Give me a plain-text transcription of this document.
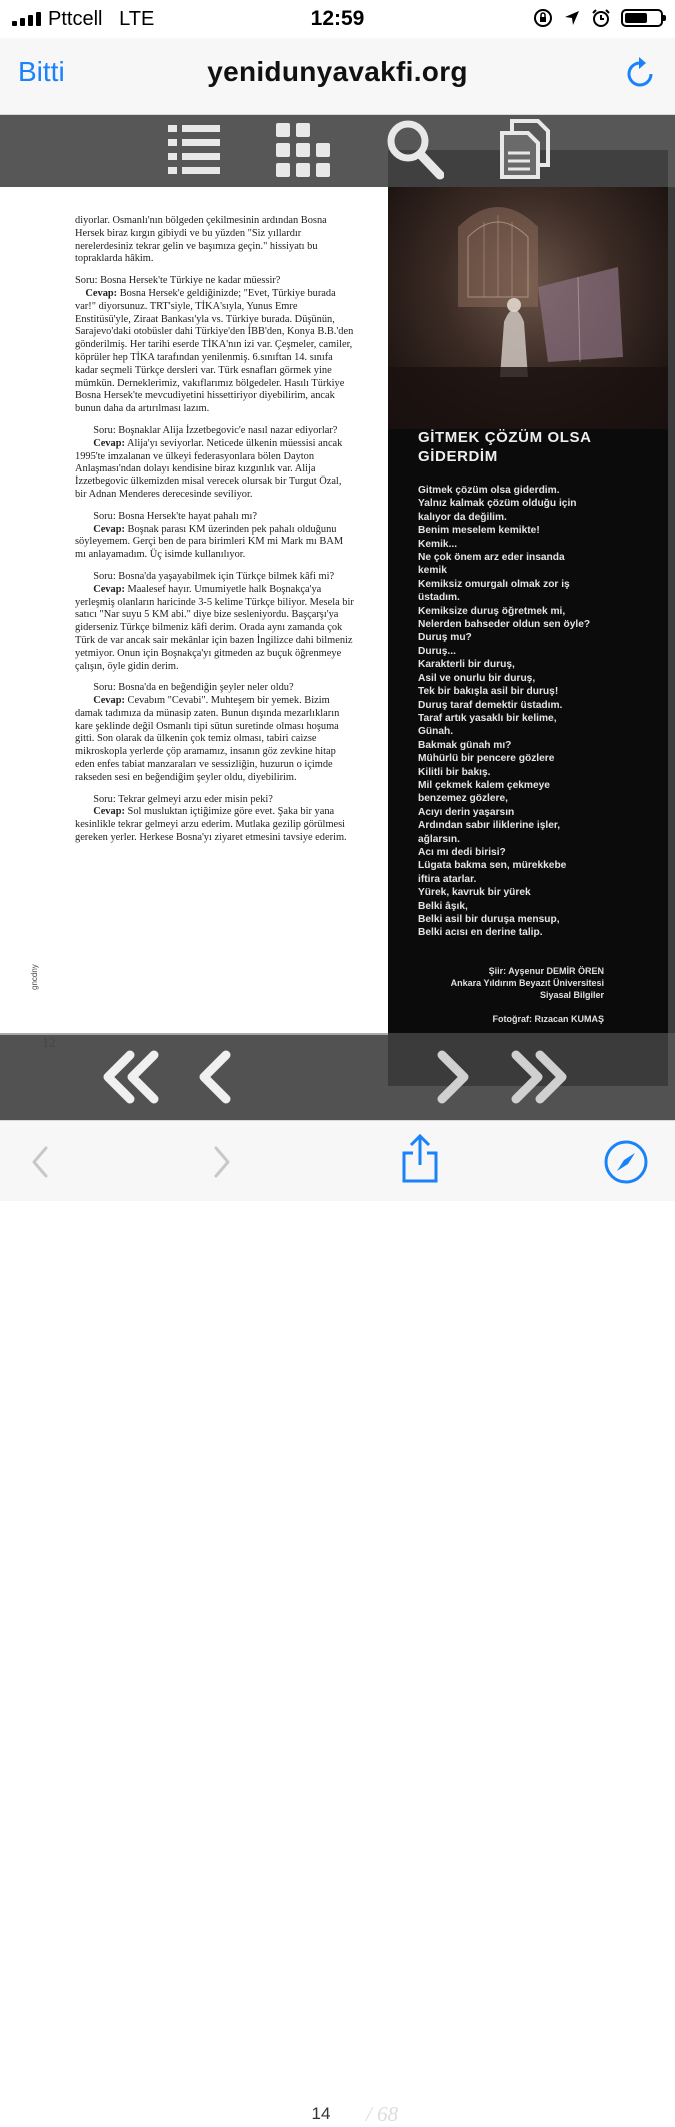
Pttcell LTE	12:59
Bitti	yenidunyavakfi.org

diyorlar. Osmanlı'nın bölgeden çekilmesinin ardından Bosna Hersek biraz kırgın gibiydi ve bu yüzden "Siz yıllardır nerelerdesiniz tekrar gelin ve başımıza geçin." hissiyatı bu topraklarda hâkim.

Soru: Bosna Hersek'te Türkiye ne kadar müessir?
Cevap: Bosna Hersek'e geldiğinizde; "Evet, Türkiye burada var!" diyorsunuz. TRT'siyle, TİKA'sıyla, Yunus Emre Enstitüsü'yle, Ziraat Bankası'yla vs. Türkiye burada. Düşünün, Sarajevo'daki otobüsler dahi Türkiye'den İBB'den, Konya B.B.'den gönderilmiş. Her tarihi eserde TİKA'nın izi var. Çeşmeler, camiler, köprüler hep TİKA tarafından yenilenmiş. 6.sınıftan 14. sınıfa kadar seçmeli Türkçe dersleri var. Türk esnafları görmek yine mümkün. Derneklerimiz, vakıflarımız bölgedeler. Hasılı Türkiye Bosna Hersek'te mevcudiyetini hissettiriyor diyebilirim, ancak bunun daha da artırılması lazım.

Soru: Boşnaklar Alija İzzetbegovic'e nasıl nazar ediyorlar?
Cevap: Alija'yı seviyorlar. Neticede ülkenin müessisi ancak 1995'te imzalanan ve ülkeyi federasyonlara bölen Dayton Anlaşması'ndan dolayı kendisine biraz kızgınlık var. Alija İzzetbegovic ülkemizden misal verecek olursak bir Turgut Özal, bir Adnan Menderes derecesinde seviliyor.

Soru: Bosna Hersek'te hayat pahalı mı?
Cevap: Boşnak parası KM üzerinden pek pahalı olduğunu söyleyemem. Gerçi ben de para birimleri KM mi Mark mı BAM mı anlayamadım. Üç isimde kullanılıyor.

Soru: Bosna'da yaşayabilmek için Türkçe bilmek kâfi mi?
Cevap: Maalesef hayır. Umumiyetle halk Boşnakça'ya yerleşmiş olanların haricinde 3-5 kelime Türkçe biliyor. Mesela bir satıcı "Nar suyu 5 KM abi." diye bize sesleniyordu. Başçarşı'ya giderseniz Türkçe bilmeniz kâfi derim. Orada aynı zamanda çok Türk de var ancak sair mekânlar için bazen İngilizce dahi bilmeniz yetmiyor. Onun için Boşnakça'yı gitmeden az buçuk öğrenmeye çalışın, öyle gidin derim.

Soru: Bosna'da en beğendiğin şeyler neler oldu?
Cevap: Cevabım "Cevabi". Muhteşem bir yemek. Bizim damak tadımıza da münasip zaten. Bunun dışında mezarlıkların kare şeklinde değil Osmanlı tipi sütun suretinde olması hoşuma gitti. Son olarak da ülkenin çok temiz olması, tabiri caizse mikroskopla yerlerde çöp aramamız, insanın göz zevkine hitap eden enfes tabiat manzaraları ve sessizliğin, huzurun o içimde rakseden sesi en beğendiğim şeyler oldu, diyebilirim.

Soru: Tekrar gelmeyi arzu eder misin peki?
Cevap: Sol musluktan içtiğimize göre evet. Şaka bir yana kesinlikle tekrar gelmeyi arzu ederim. Mutlaka gezilip görülmesi gereken yerler. Herkese Bosna'yı ziyaret etmesini tavsiye ederim.

gncdny
GİTMEK ÇÖZÜM OLSA GİDERDİM
Gitmek çözüm olsa giderdim.
Yalnız kalmak çözüm olduğu için
kalıyor da değilim.
Benim meselem kemikte!
Kemik...
Ne çok önem arz eder insanda
kemik
Kemiksiz omurgalı olmak zor iş
üstadım.
Kemiksize duruş öğretmek mi,
Nelerden bahseder oldun sen öyle?
Duruş mu?
Duruş...
Karakterli bir duruş,
Asil ve onurlu bir duruş,
Tek bir bakışla asil bir duruş!
Duruş taraf demektir üstadım.
Taraf artık yasaklı bir kelime,
Günah.
Bakmak günah mı?
Mühürlü bir pencere gözlere
Kilitli bir bakış.
Mil çekmek kalem çekmeye
benzemez gözlere,
Acıyı derin yaşarsın
Ardından sabır iliklerine işler,
ağlarsın.
Acı mı dedi birisi?
Lügata bakma sen, mürekkebe
iftira atarlar.
Yürek, kavruk bir yürek
Belki âşık,
Belki asil bir duruşa mensup,
Belki acısı en derine talip.
Şiir: Ayşenur DEMİR ÖREN
Ankara Yıldırım Beyazıt Üniversitesi
Siyasal Bilgiler
Fotoğraf: Rızacan KUMAŞ
14	/ 68
